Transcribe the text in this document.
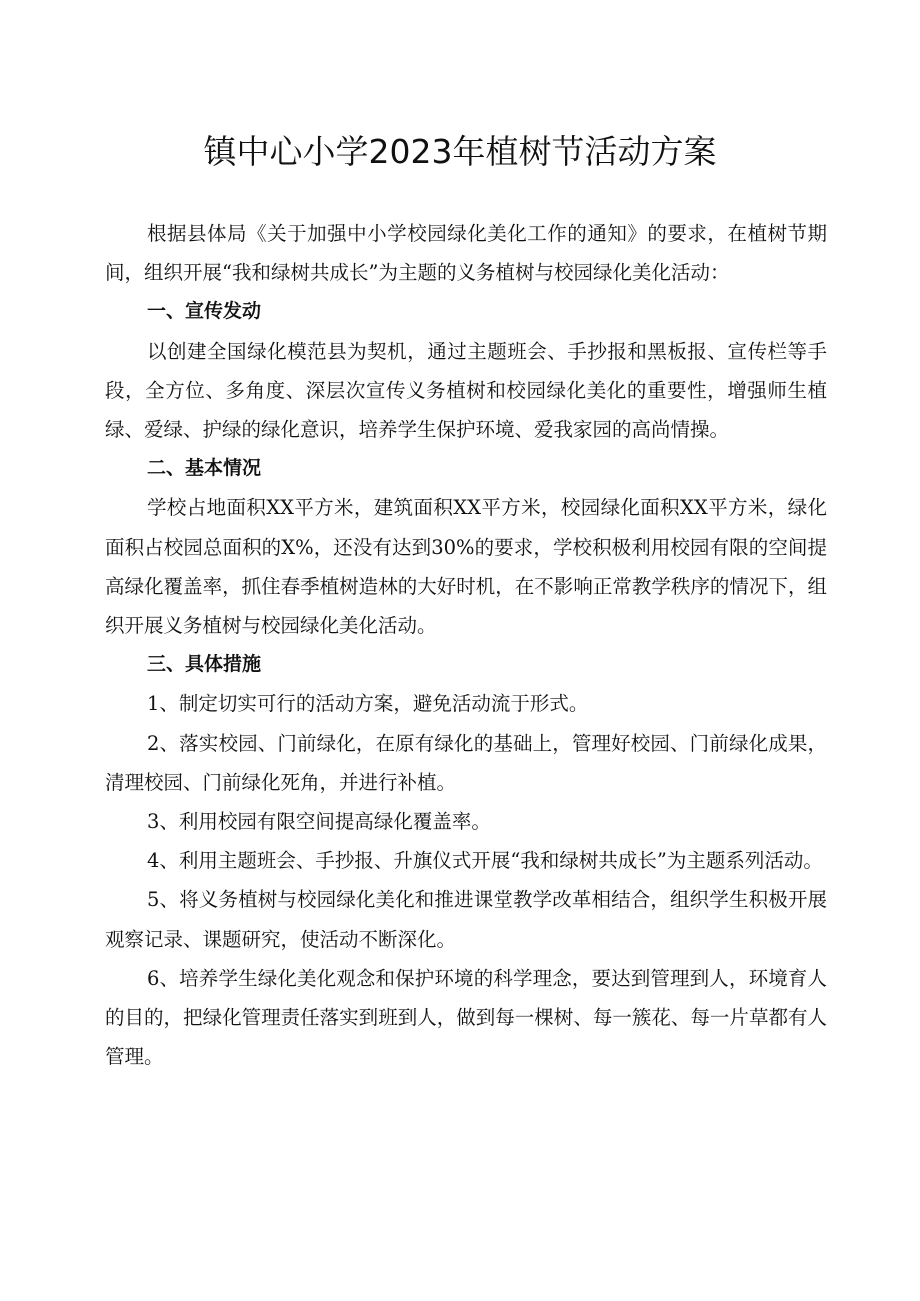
镇中心小学2023年植树节活动方案

根据县体局《关于加强中小学校园绿化美化工作的通知》的要求，在植树节期间，组织开展“我和绿树共成长”为主题的义务植树与校园绿化美化活动：

一、宣传发动

以创建全国绿化模范县为契机，通过主题班会、手抄报和黑板报、宣传栏等手段，全方位、多角度、深层次宣传义务植树和校园绿化美化的重要性，增强师生植绿、爱绿、护绿的绿化意识，培养学生保护环境、爱我家园的高尚情操。

二、基本情况

学校占地面积XX平方米，建筑面积XX平方米，校园绿化面积XX平方米，绿化面积占校园总面积的X%，还没有达到30%的要求，学校积极利用校园有限的空间提高绿化覆盖率，抓住春季植树造林的大好时机，在不影响正常教学秩序的情况下，组织开展义务植树与校园绿化美化活动。

三、具体措施

1、制定切实可行的活动方案，避免活动流于形式。

2、落实校园、门前绿化，在原有绿化的基础上，管理好校园、门前绿化成果，清理校园、门前绿化死角，并进行补植。

3、利用校园有限空间提高绿化覆盖率。

4、利用主题班会、手抄报、升旗仪式开展“我和绿树共成长”为主题系列活动。

5、将义务植树与校园绿化美化和推进课堂教学改革相结合，组织学生积极开展观察记录、课题研究，使活动不断深化。

6、培养学生绿化美化观念和保护环境的科学理念，要达到管理到人，环境育人的目的，把绿化管理责任落实到班到人，做到每一棵树、每一簇花、每一片草都有人管理。
